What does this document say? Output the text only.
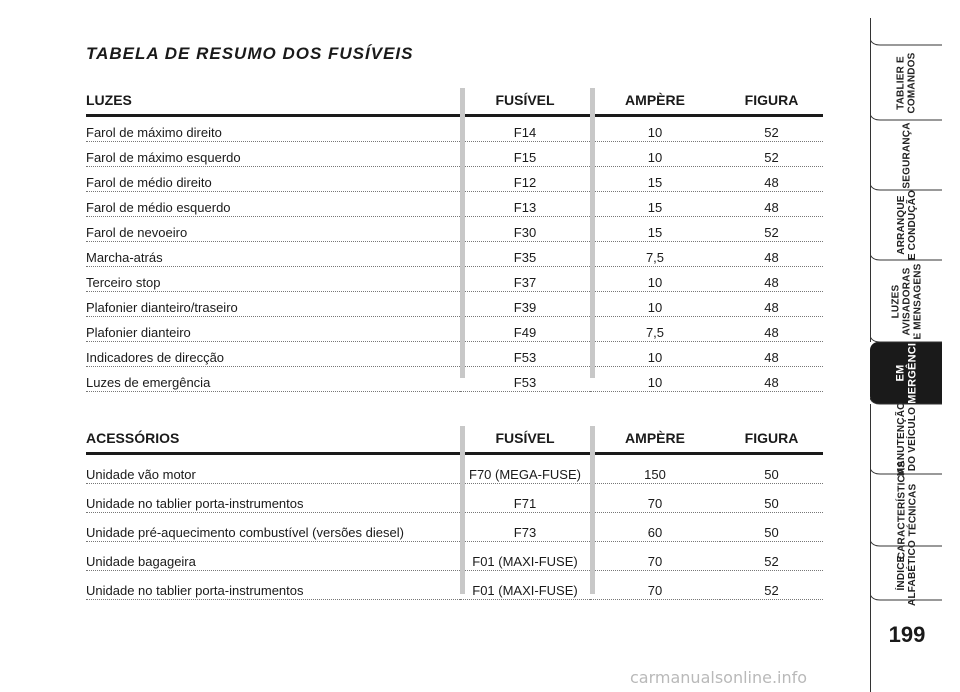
TABELA DE RESUMO DOS FUSÍVEIS
LUZES	FUSÍVEL	AMPÈRE	FIGURA
Farol de máximo direito	F14	10	52
Farol de máximo esquerdo	F15	10	52
Farol de médio direito	F12	15	48
Farol de médio esquerdo	F13	15	48
Farol de nevoeiro	F30	15	52
Marcha-atrás	F35	7,5	48
Terceiro stop	F37	10	48
Plafonier dianteiro/traseiro	F39	10	48
Plafonier dianteiro	F49	7,5	48
Indicadores de direcção	F53	10	48
Luzes de emergência	F53	10	48
ACESSÓRIOS	FUSÍVEL	AMPÈRE	FIGURA
Unidade vão motor	F70 (MEGA-FUSE)	150	50
Unidade no tablier porta-instrumentos	F71	70	50
Unidade pré-aquecimento combustível (versões diesel)	F73	60	50
Unidade bagageira	F01 (MAXI-FUSE)	70	52
Unidade no tablier porta-instrumentos	F01 (MAXI-FUSE)	70	52
TABLIER E
COMANDOS
SEGURANÇA
ARRANQUE
E CONDUÇÃO
LUZES
AVISADORAS
E MENSAGENS
EM
EMERGÊNCIA
MANUTENÇÃO
DO VEÍCULO
CARACTERÍSTICAS
TÉCNICAS
ÍNDICE
ALFABÉTICO
199
carmanualsonline.info
